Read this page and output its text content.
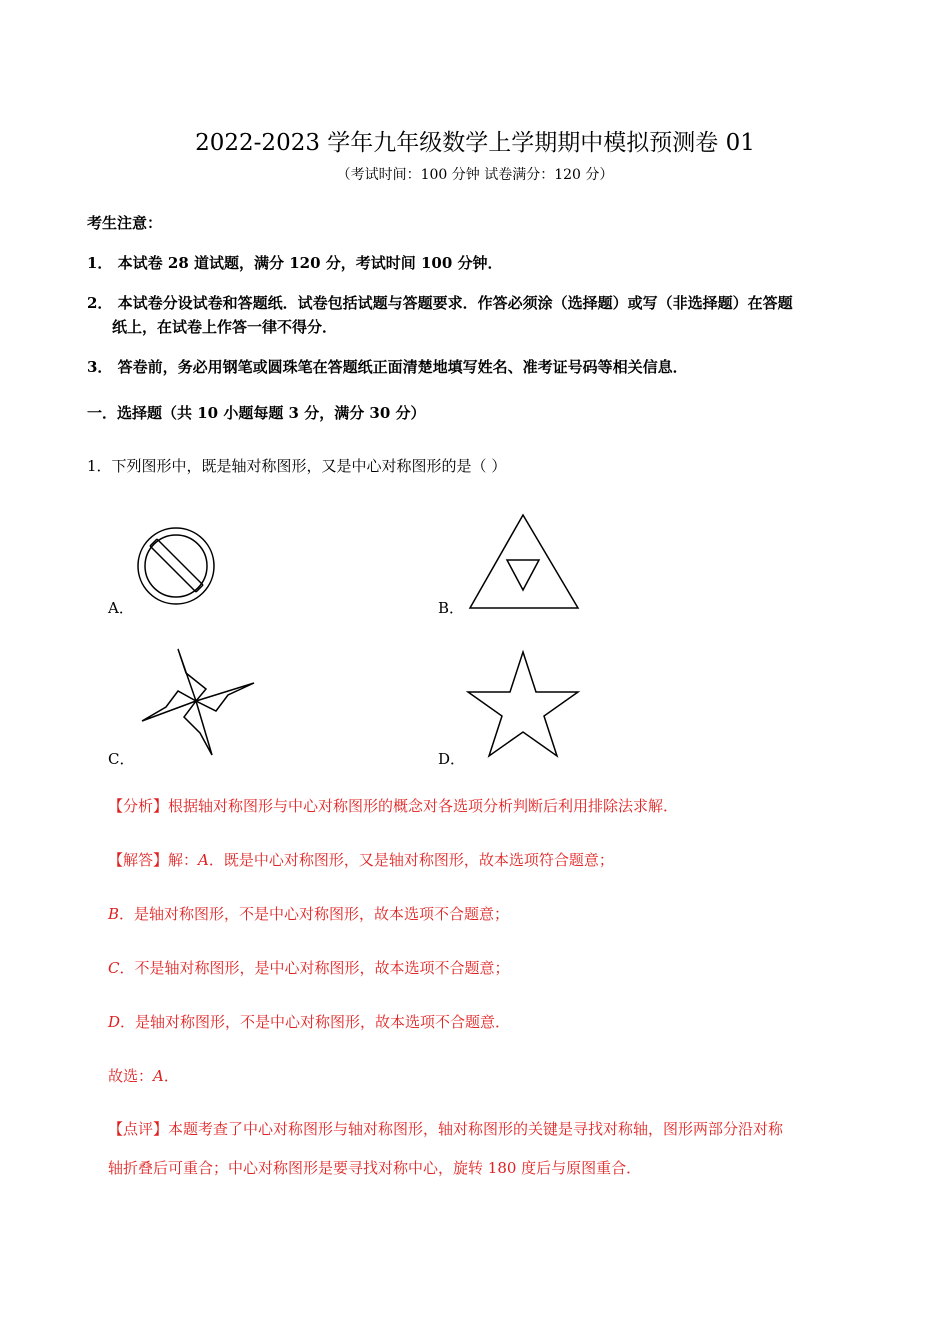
2022-2023 学年九年级数学上学期期中模拟预测卷 01
（考试时间：100 分钟 试卷满分：120 分）
考生注意：
1． 本试卷 28 道试题，满分 120 分，考试时间 100 分钟．
2． 本试卷分设试卷和答题纸．试卷包括试题与答题要求．作答必须涂（选择题）或写（非选择题）在答题
纸上，在试卷上作答一律不得分．
3． 答卷前，务必用钢笔或圆珠笔在答题纸正面清楚地填写姓名、准考证号码等相关信息．
一．选择题（共 10 小题每题 3 分，满分 30 分）
1．下列图形中，既是轴对称图形，又是中心对称图形的是（ ）
A．	B．
C．	D．
【分析】根据轴对称图形与中心对称图形的概念对各选项分析判断后利用排除法求解．
【解答】解：A．既是中心对称图形，又是轴对称图形，故本选项符合题意；
B．是轴对称图形，不是中心对称图形，故本选项不合题意；
C．不是轴对称图形，是中心对称图形，故本选项不合题意；
D．是轴对称图形，不是中心对称图形，故本选项不合题意．
故选：A．
【点评】本题考查了中心对称图形与轴对称图形，轴对称图形的关键是寻找对称轴，图形两部分沿对称
轴折叠后可重合；中心对称图形是要寻找对称中心，旋转 180 度后与原图重合．
